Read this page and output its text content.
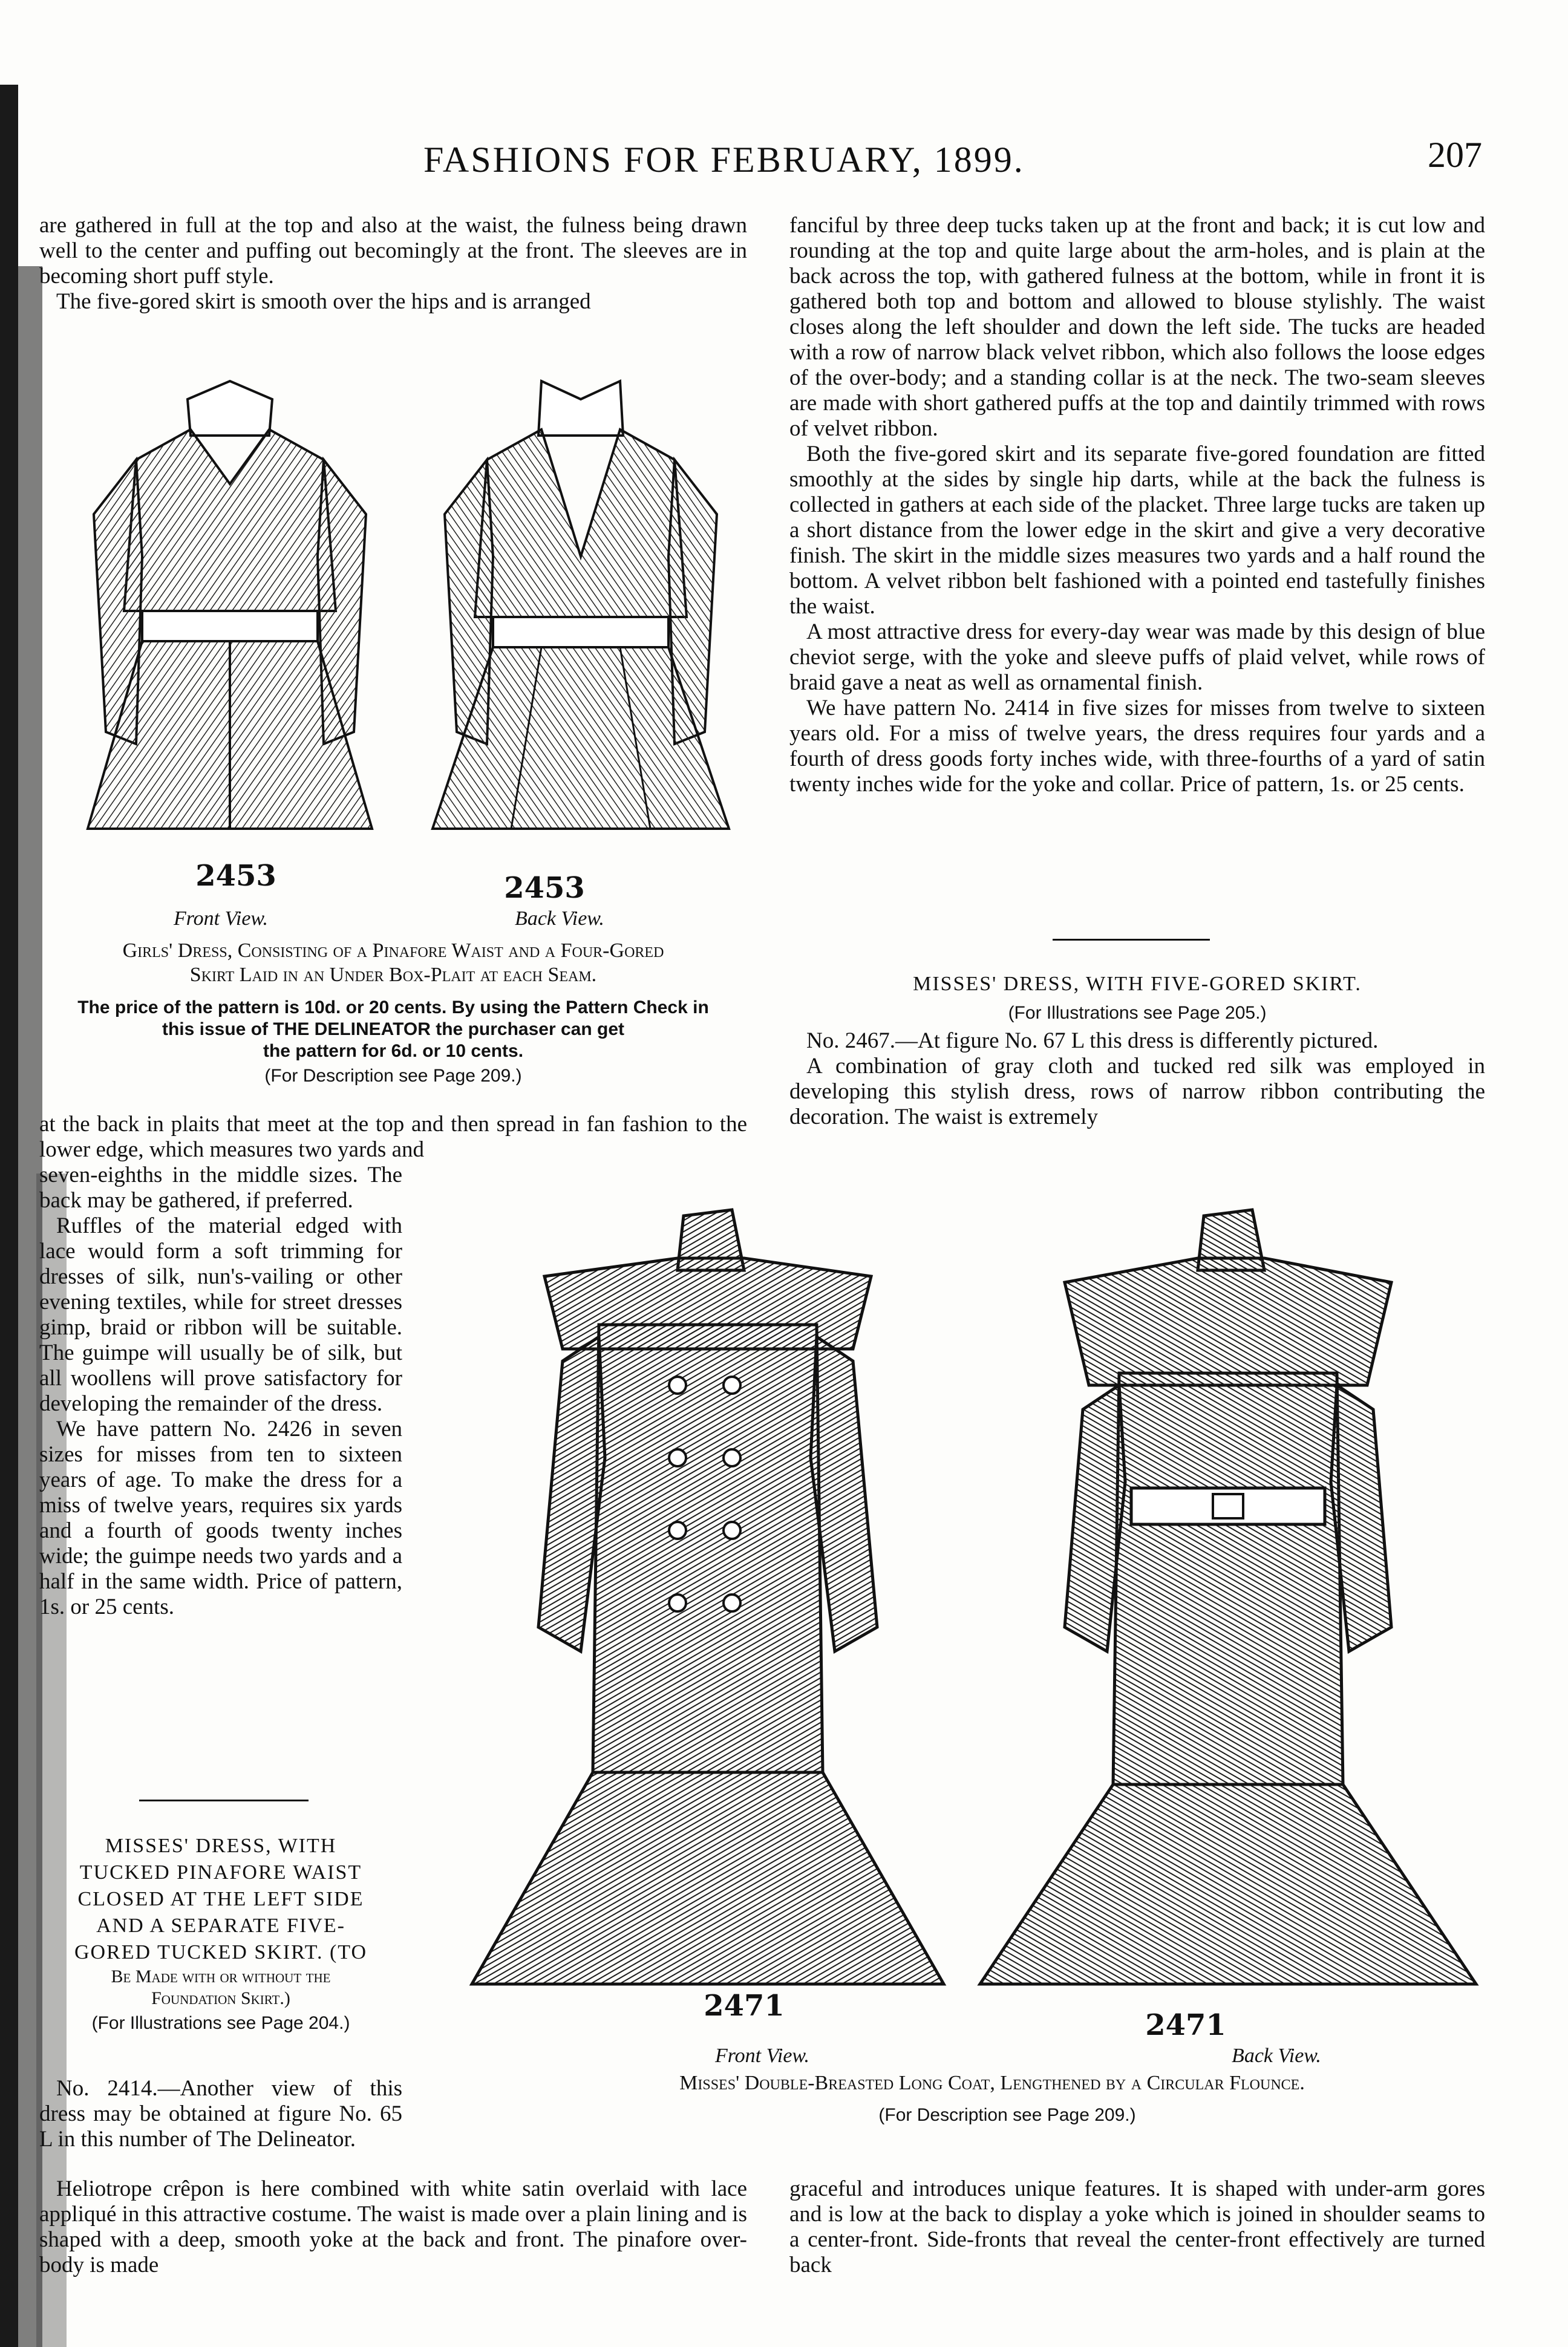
FASHIONS FOR FEBRUARY, 1899.	207

are gathered in full at the top and also at the waist, the fulness being drawn well to the center and puffing out becomingly at the front. The sleeves are in becoming short puff style.

The five-gored skirt is smooth over the hips and is arranged

2453	2453
Front View.	Back View.
Girls' Dress, Consisting of a Pinafore Waist and a Four-Gored
Skirt Laid in an Under Box-Plait at each Seam.
The price of the pattern is 10d. or 20 cents. By using the Pattern Check in
this issue of THE DELINEATOR the purchaser can get
the pattern for 6d. or 10 cents.
(For Description see Page 209.)

at the back in plaits that meet at the top and then spread in fan fashion to the lower edge, which measures two yards and

seven-eighths in the middle sizes. The back may be gathered, if preferred.

Ruffles of the material edged with lace would form a soft trimming for dresses of silk, nun's-vailing or other evening textiles, while for street dresses gimp, braid or ribbon will be suitable. The guimpe will usually be of silk, but all woollens will prove satisfactory for developing the remainder of the dress.

We have pattern No. 2426 in seven sizes for misses from ten to sixteen years of age. To make the dress for a miss of twelve years, requires six yards and a fourth of goods twenty inches wide; the guimpe needs two yards and a half in the same width. Price of pattern, 1s. or 25 cents.

MISSES' DRESS, WITH
TUCKED PINAFORE WAIST
CLOSED AT THE LEFT SIDE
AND A SEPARATE FIVE-
GORED TUCKED SKIRT. (TO
Be Made with or without the
Foundation Skirt.)
(For Illustrations see Page 204.)

No. 2414.—Another view of this dress may be obtained at figure No. 65 L in this number of The Delineator.

Heliotrope crêpon is here combined with white satin overlaid with lace appliqué in this attractive costume. The waist is made over a plain lining and is shaped with a deep, smooth yoke at the back and front. The pinafore over-body is made

fanciful by three deep tucks taken up at the front and back; it is cut low and rounding at the top and quite large about the arm-holes, and is plain at the back across the top, with gathered fulness at the bottom, while in front it is gathered both top and bottom and allowed to blouse stylishly. The waist closes along the left shoulder and down the left side. The tucks are headed with a row of narrow black velvet ribbon, which also follows the loose edges of the over-body; and a standing collar is at the neck. The two-seam sleeves are made with short gathered puffs at the top and daintily trimmed with rows of velvet ribbon.

Both the five-gored skirt and its separate five-gored foundation are fitted smoothly at the sides by single hip darts, while at the back the fulness is collected in gathers at each side of the placket. Three large tucks are taken up a short distance from the lower edge in the skirt and give a very decorative finish. The skirt in the middle sizes measures two yards and a half round the bottom. A velvet ribbon belt fashioned with a pointed end tastefully finishes the waist.

A most attractive dress for every-day wear was made by this design of blue cheviot serge, with the yoke and sleeve puffs of plaid velvet, while rows of braid gave a neat as well as ornamental finish.

We have pattern No. 2414 in five sizes for misses from twelve to sixteen years old. For a miss of twelve years, the dress requires four yards and a fourth of dress goods forty inches wide, with three-fourths of a yard of satin twenty inches wide for the yoke and collar. Price of pattern, 1s. or 25 cents.

MISSES' DRESS, WITH FIVE-GORED SKIRT.
(For Illustrations see Page 205.)

No. 2467.—At figure No. 67 L this dress is differently pictured.

A combination of gray cloth and tucked red silk was employed in developing this stylish dress, rows of narrow ribbon contributing the decoration. The waist is extremely

2471
2471
Front View.	Back View.
Misses' Double-Breasted Long Coat, Lengthened by a Circular Flounce.
(For Description see Page 209.)

graceful and introduces unique features. It is shaped with under-arm gores and is low at the back to display a yoke which is joined in shoulder seams to a center-front. Side-fronts that reveal the center-front effectively are turned back
